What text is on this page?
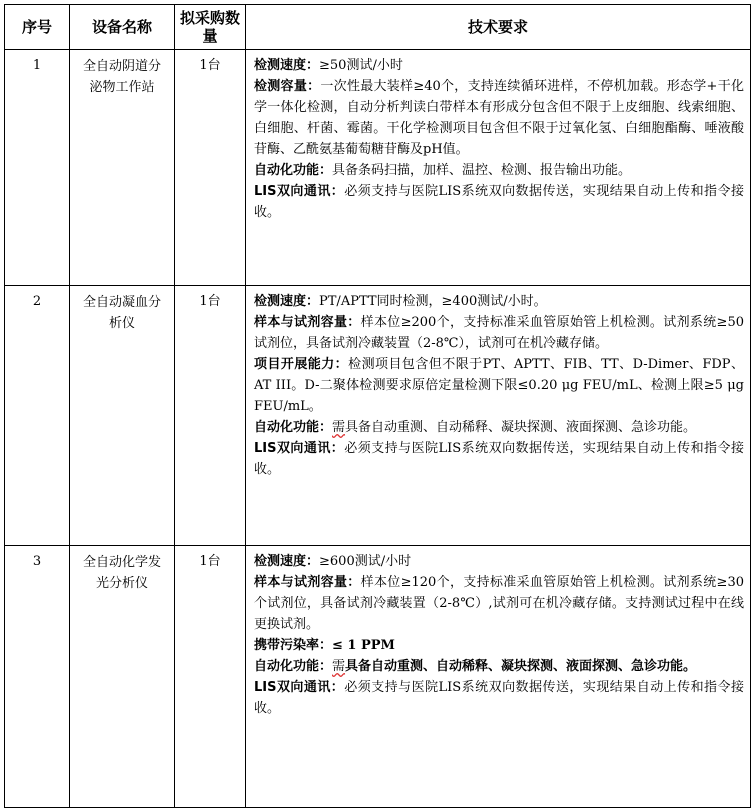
序号	设备名称	拟采购数量	技术要求
1	全自动阴道分泌物工作站	1台	检测速度：≥50测试/小时
检测容量：一次性最大装样≥40个，支持连续循环进样，不停机加载。形态学+干化学一体化检测，自动分析判读白带样本有形成分包含但不限于上皮细胞、线索细胞、白细胞、杆菌、霉菌。干化学检测项目包含但不限于过氧化氢、白细胞酯酶、唾液酸苷酶、乙酰氨基葡萄糖苷酶及pH值。
自动化功能：具备条码扫描，加样、温控、检测、报告输出功能。
LIS双向通讯：必须支持与医院LIS系统双向数据传送，实现结果自动上传和指令接收。

2	全自动凝血分析仪	1台	检测速度：PT/APTT同时检测，≥400测试/小时。
样本与试剂容量：样本位≥200个，支持标准采血管原始管上机检测。试剂系统≥50试剂位，具备试剂冷藏装置（2-8℃），试剂可在机冷藏存储。
项目开展能力：检测项目包含但不限于PT、APTT、FIB、TT、D-Dimer、FDP、AT III。D-二聚体检测要求原倍定量检测下限≤0.20 μg FEU/mL、检测上限≥5 μg FEU/mL。
自动化功能：需具备自动重测、自动稀释、凝块探测、液面探测、急诊功能。
LIS双向通讯：必须支持与医院LIS系统双向数据传送，实现结果自动上传和指令接收。

3	全自动化学发光分析仪	1台	检测速度：≥600测试/小时
样本与试剂容量：样本位≥120个，支持标准采血管原始管上机检测。试剂系统≥30个试剂位，具备试剂冷藏装置（2-8℃）,试剂可在机冷藏存储。支持测试过程中在线更换试剂。
携带污染率：≤ 1 PPM
自动化功能：需具备自动重测、自动稀释、凝块探测、液面探测、急诊功能。
LIS双向通讯：必须支持与医院LIS系统双向数据传送，实现结果自动上传和指令接收。
